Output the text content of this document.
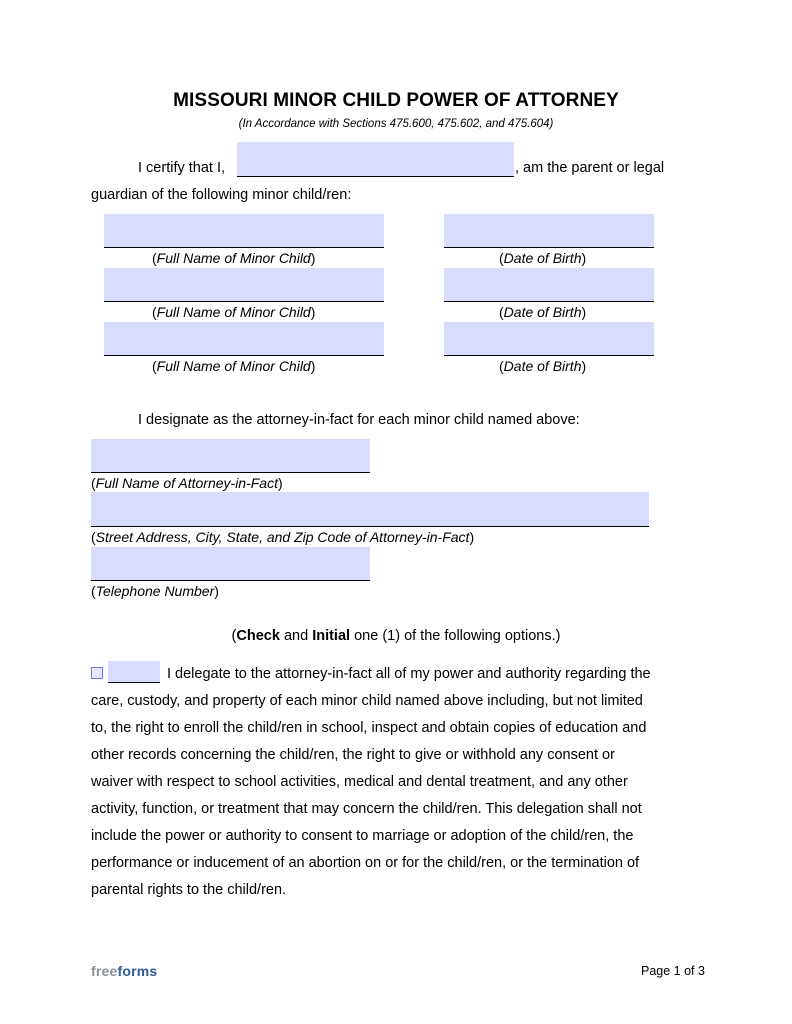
MISSOURI MINOR CHILD POWER OF ATTORNEY
(In Accordance with Sections 475.600, 475.602, and 475.604)
I certify that I,	, am the parent or legal
guardian of the following minor child/ren:
(Full Name of Minor Child)	(Date of Birth)
(Full Name of Minor Child)	(Date of Birth)
(Full Name of Minor Child)	(Date of Birth)
I designate as the attorney-in-fact for each minor child named above:
(Full Name of Attorney-in-Fact)
(Street Address, City, State, and Zip Code of Attorney-in-Fact)
(Telephone Number)
(Check and Initial one (1) of the following options.)
I delegate to the attorney-in-fact all of my power and authority regarding the
care, custody, and property of each minor child named above including, but not limited
to, the right to enroll the child/ren in school, inspect and obtain copies of education and
other records concerning the child/ren, the right to give or withhold any consent or
waiver with respect to school activities, medical and dental treatment, and any other
activity, function, or treatment that may concern the child/ren. This delegation shall not
include the power or authority to consent to marriage or adoption of the child/ren, the
performance or inducement of an abortion on or for the child/ren, or the termination of
parental rights to the child/ren.
freeforms	Page 1 of 3
